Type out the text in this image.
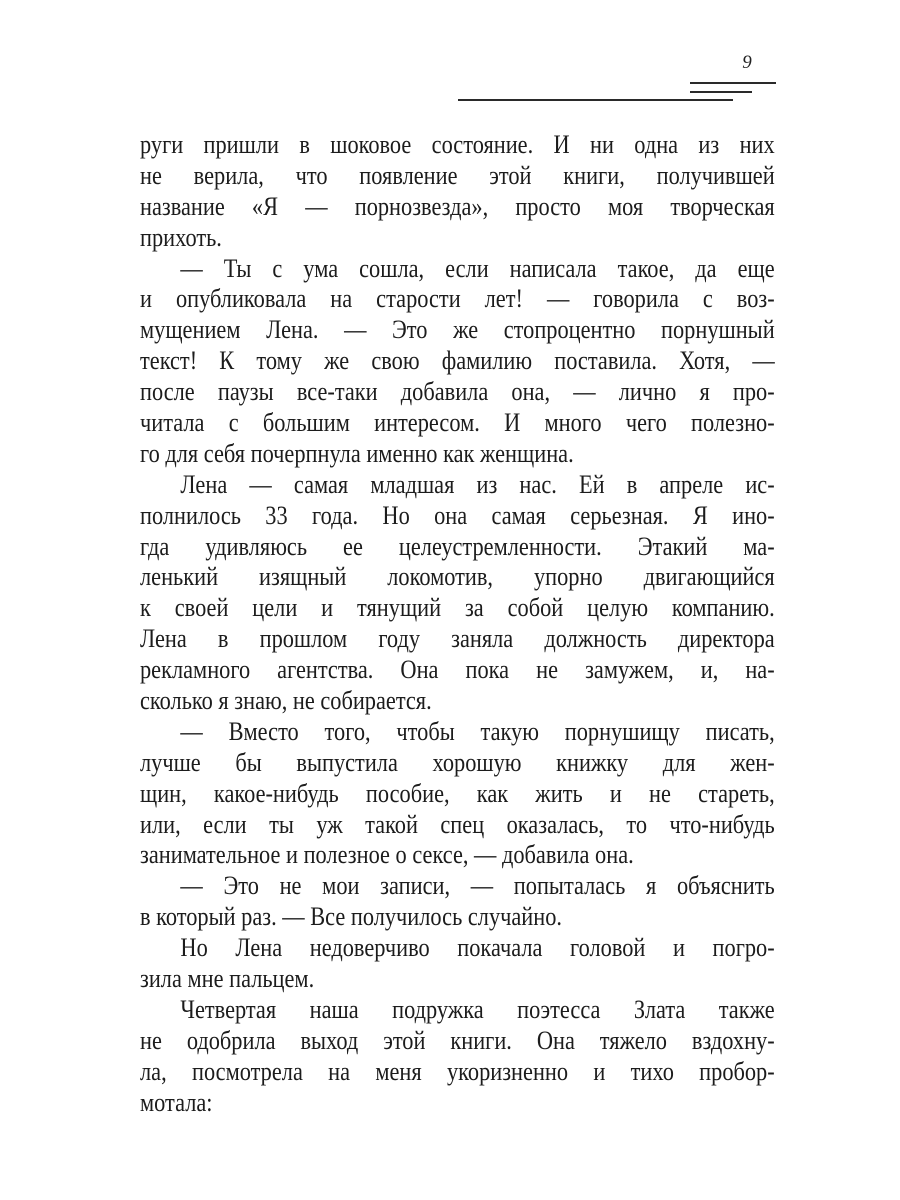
9
руги пришли в шоковое состояние. И ни одна из них
не верила, что появление этой книги, получившей
название «Я — порнозвезда», просто моя творческая
прихоть.
— Ты с ума сошла, если написала такое, да еще
и опубликовала на старости лет! — говорила с воз-
мущением Лена. — Это же стопроцентно порнушный
текст! К тому же свою фамилию поставила. Хотя, —
после паузы все-таки добавила она, — лично я про-
читала с большим интересом. И много чего полезно-
го для себя почерпнула именно как женщина.
Лена — самая младшая из нас. Ей в апреле ис-
полнилось 33 года. Но она самая серьезная. Я ино-
гда удивляюсь ее целеустремленности. Этакий ма-
ленький изящный локомотив, упорно двигающийся
к своей цели и тянущий за собой целую компанию.
Лена в прошлом году заняла должность директора
рекламного агентства. Она пока не замужем, и, на-
сколько я знаю, не собирается.
— Вместо того, чтобы такую порнушищу писать,
лучше бы выпустила хорошую книжку для жен-
щин, какое-нибудь пособие, как жить и не стареть,
или, если ты уж такой спец оказалась, то что-нибудь
занимательное и полезное о сексе, — добавила она.
— Это не мои записи, — попыталась я объяснить
в который раз. — Все получилось случайно.
Но Лена недоверчиво покачала головой и погро-
зила мне пальцем.
Четвертая наша подружка поэтесса Злата также
не одобрила выход этой книги. Она тяжело вздохну-
ла, посмотрела на меня укоризненно и тихо пробор-
мотала:
